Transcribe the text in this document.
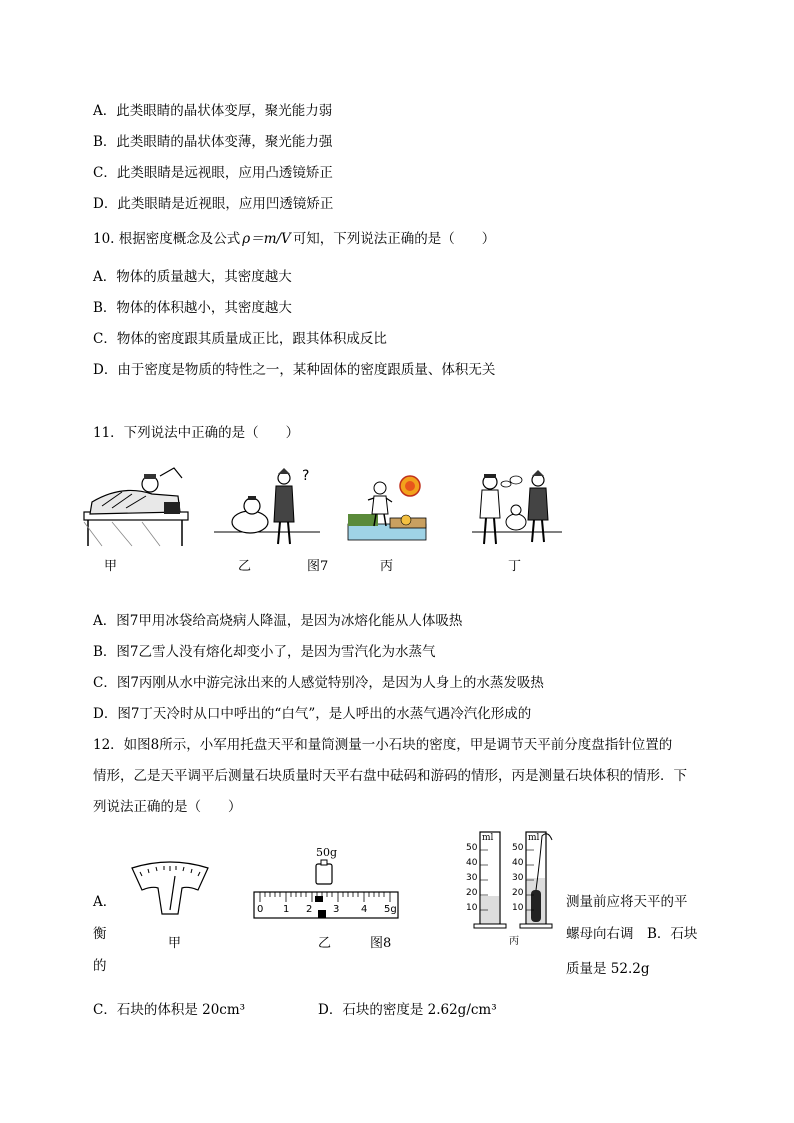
A．此类眼睛的晶状体变厚，聚光能力弱
B．此类眼睛的晶状体变薄，聚光能力强
C．此类眼睛是远视眼，应用凸透镜矫正
D．此类眼睛是近视眼，应用凹透镜矫正
10. 根据密度概念及公式 ρ＝m/V 可知，下列说法正确的是（　　）
A．物体的质量越大，其密度越大
B．物体的体积越小，其密度越大
C．物体的密度跟其质量成正比，跟其体积成反比
D．由于密度是物质的特性之一，某种固体的密度跟质量、体积无关
11．下列说法中正确的是（　　）
?
甲	乙	图7	丙	丁
A．图7甲用冰袋给高烧病人降温，是因为冰熔化能从人体吸热
B．图7乙雪人没有熔化却变小了，是因为雪汽化为水蒸气
C．图7丙刚从水中游完泳出来的人感觉特别冷，是因为人身上的水蒸发吸热
D．图7丁天冷时从口中呼出的“白气”，是人呼出的水蒸气遇冷汽化形成的
12．如图8所示，小军用托盘天平和量筒测量一小石块的密度，甲是调节天平前分度盘指针位置的
情形，乙是天平调平后测量石块质量时天平右盘中砝码和游码的情形，丙是测量石块体积的情形．下
列说法正确的是（　　）
50g
0 1 2 3 4 5g
ml	ml
50
40
30
20
10
50
40
30
20
10
甲	乙	图8	丙
A．
衡
的
测量前应将天平的平
螺母向右调　B．石块
质量是 52.2g
C．石块的体积是 20cm³	D．石块的密度是 2.62g/cm³
